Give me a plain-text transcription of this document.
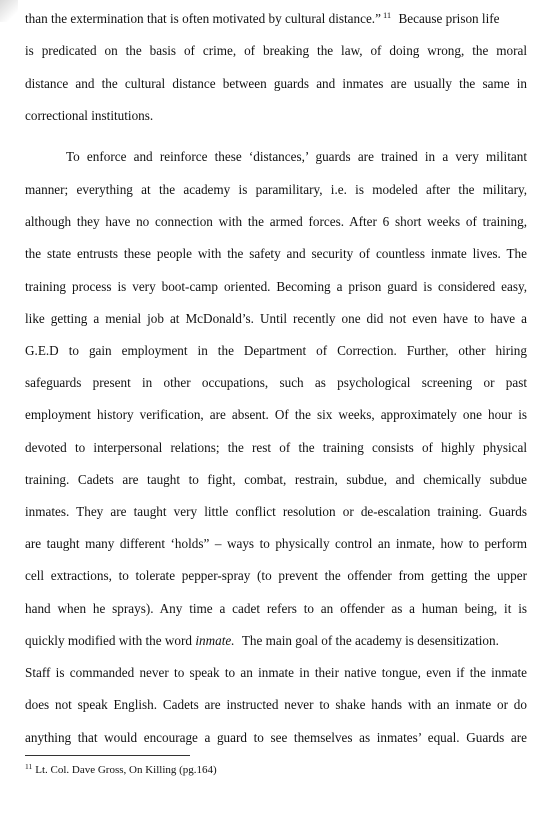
than the extermination that is often motivated by cultural distance.” $^{11}$ Because prison life
is predicated on the basis of crime, of breaking the law, of doing wrong, the moral
distance and the cultural distance between guards and inmates are usually the same in
correctional institutions.
To enforce and reinforce these ‘distances,’ guards are trained in a very militant
manner; everything at the academy is paramilitary, i.e. is modeled after the military,
although they have no connection with the armed forces. After 6 short weeks of training,
the state entrusts these people with the safety and security of countless inmate lives. The
training process is very boot-camp oriented. Becoming a prison guard is considered easy,
like getting a menial job at McDonald’s. Until recently one did not even have to have a
G.E.D to gain employment in the Department of Correction. Further, other hiring
safeguards present in other occupations, such as psychological screening or past
employment history verification, are absent. Of the six weeks, approximately one hour is
devoted to interpersonal relations; the rest of the training consists of highly physical
training. Cadets are taught to fight, combat, restrain, subdue, and chemically subdue
inmates. They are taught very little conflict resolution or de-escalation training. Guards
are taught many different ‘holds” – ways to physically control an inmate, how to perform
cell extractions, to tolerate pepper-spray (to prevent the offender from getting the upper
hand when he sprays). Any time a cadet refers to an offender as a human being, it is
quickly modified with the word inmate. The main goal of the academy is desensitization.
Staff is commanded never to speak to an inmate in their native tongue, even if the inmate
does not speak English. Cadets are instructed never to shake hands with an inmate or do
anything that would encourage a guard to see themselves as inmates’ equal. Guards are
$^{11}$ Lt. Col. Dave Gross, On Killing (pg.164)
